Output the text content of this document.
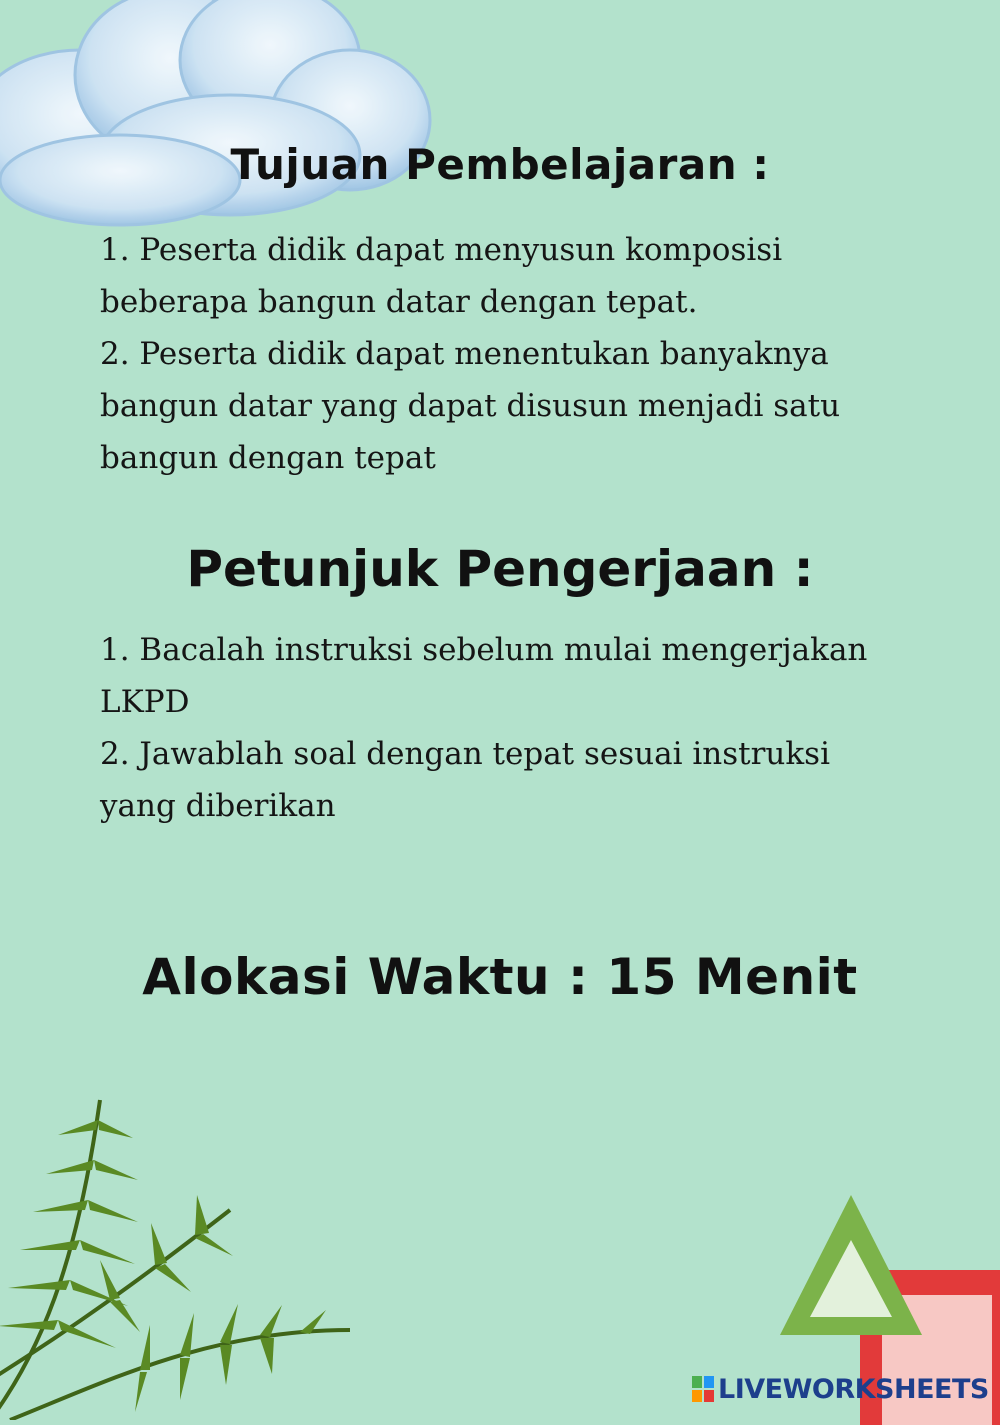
Tujuan Pembelajaran :
1. Peserta didik dapat menyusun komposisi
beberapa bangun datar dengan tepat.
2. Peserta didik dapat menentukan banyaknya
bangun datar yang dapat disusun menjadi satu
bangun dengan tepat
Petunjuk Pengerjaan :
1. Bacalah instruksi sebelum mulai mengerjakan
LKPD
2. Jawablah soal dengan tepat sesuai instruksi
yang diberikan
Alokasi Waktu : 15 Menit
LIVEWORKSHEETS
